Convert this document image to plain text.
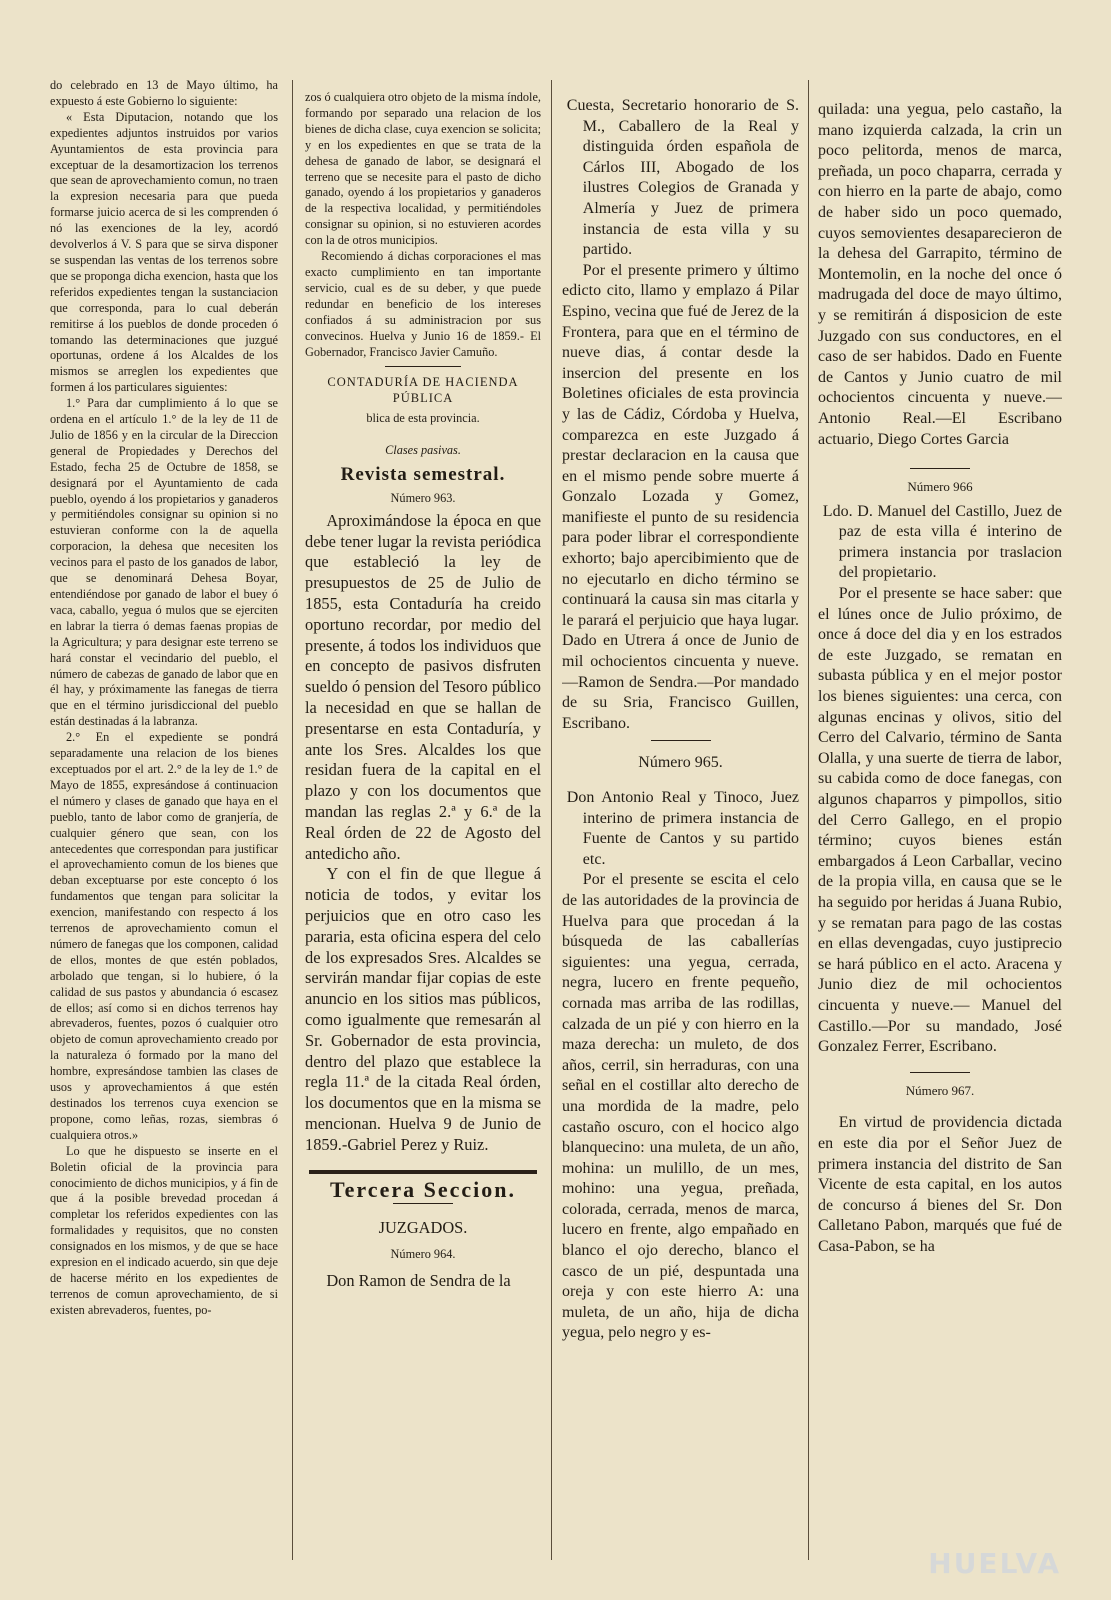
do celebrado en 13 de Mayo último, ha expuesto á este Gobierno lo siguiente:

« Esta Diputacion, notando que los expedientes adjuntos instruidos por varios Ayuntamientos de esta provincia para exceptuar de la desamortizacion los terrenos que sean de aprovechamiento comun, no traen la expresion necesaria para que pueda formarse juicio acerca de si les comprenden ó nó las exenciones de la ley, acordó devolverlos á V. S para que se sirva disponer se suspendan las ventas de los terrenos sobre que se proponga dicha exencion, hasta que los referidos expedientes tengan la sustanciacion que corresponda, para lo cual deberán remitirse á los pueblos de donde proceden ó tomando las determinaciones que juzgué oportunas, ordene á los Alcaldes de los mismos se arreglen los expedientes que formen á los particulares siguientes:

1.° Para dar cumplimiento á lo que se ordena en el artículo 1.° de la ley de 11 de Julio de 1856 y en la circular de la Direccion general de Propiedades y Derechos del Estado, fecha 25 de Octubre de 1858, se designará por el Ayuntamiento de cada pueblo, oyendo á los propietarios y ganaderos y permitiéndoles consignar su opinion si no estuvieran conforme con la de aquella corporacion, la dehesa que necesiten los vecinos para el pasto de los ganados de labor, que se denominará Dehesa Boyar, entendiéndose por ganado de labor el buey ó vaca, caballo, yegua ó mulos que se ejerciten en labrar la tierra ó demas faenas propias de la Agricultura; y para designar este terreno se hará constar el vecindario del pueblo, el número de cabezas de ganado de labor que en él hay, y próximamente las fanegas de tierra que en el término jurisdiccional del pueblo están destinadas á la labranza.

2.° En el expediente se pondrá separadamente una relacion de los bienes exceptuados por el art. 2.° de la ley de 1.° de Mayo de 1855, expresándose á continuacion el número y clases de ganado que haya en el pueblo, tanto de labor como de granjería, de cualquier género que sean, con los antecedentes que correspondan para justificar el aprovechamiento comun de los bienes que deban exceptuarse por este concepto ó los fundamentos que tengan para solicitar la exencion, manifestando con respecto á los terrenos de aprovechamiento comun el número de fanegas que los componen, calidad de ellos, montes de que estén poblados, arbolado que tengan, si lo hubiere, ó la calidad de sus pastos y abundancia ó escasez de ellos; así como si en dichos terrenos hay abrevaderos, fuentes, pozos ó cualquier otro objeto de comun aprovechamiento creado por la naturaleza ó formado por la mano del hombre, expresándose tambien las clases de usos y aprovechamientos á que estén destinados los terrenos cuya exencion se propone, como leñas, rozas, siembras ó cualquiera otros.»

Lo que he dispuesto se inserte en el Boletin oficial de la provincia para conocimiento de dichos municipios, y á fin de que á la posible brevedad procedan á completar los referidos expedientes con las formalidades y requisitos, que no consten consignados en los mismos, y de que se hace expresion en el indicado acuerdo, sin que deje de hacerse mérito en los expedientes de terrenos de comun aprovechamiento, de si existen abrevaderos, fuentes, po-

zos ó cualquiera otro objeto de la misma índole, formando por separado una relacion de los bienes de dicha clase, cuya exencion se solicita; y en los expedientes en que se trata de la dehesa de ganado de labor, se designará el terreno que se necesite para el pasto de dicho ganado, oyendo á los propietarios y ganaderos de la respectiva localidad, y permitiéndoles consignar su opinion, si no estuvieren acordes con la de otros municipios.

Recomiendo á dichas corporaciones el mas exacto cumplimiento en tan importante servicio, cual es de su deber, y que puede redundar en beneficio de los intereses confiados á su administracion por sus convecinos. Huelva y Junio 16 de 1859.- El Gobernador, Francisco Javier Camuño.

CONTADURÍA DE HACIENDA PÚBLICA
blica de esta provincia.
Clases pasivas.
Revista semestral.
Número 963.

Aproximándose la época en que debe tener lugar la revista periódica que estableció la ley de presupuestos de 25 de Julio de 1855, esta Contaduría ha creido oportuno recordar, por medio del presente, á todos los individuos que en concepto de pasivos disfruten sueldo ó pension del Tesoro público la necesidad en que se hallan de presentarse en esta Contaduría, y ante los Sres. Alcaldes los que residan fuera de la capital en el plazo y con los documentos que mandan las reglas 2.ª y 6.ª de la Real órden de 22 de Agosto del antedicho año.

Y con el fin de que llegue á noticia de todos, y evitar los perjuicios que en otro caso les pararia, esta oficina espera del celo de los expresados Sres. Alcaldes se servirán mandar fijar copias de este anuncio en los sitios mas públicos, como igualmente que remesarán al Sr. Gobernador de esta provincia, dentro del plazo que establece la regla 11.ª de la citada Real órden, los documentos que en la misma se mencionan. Huelva 9 de Junio de 1859.-Gabriel Perez y Ruiz.

Tercera Seccion.
JUZGADOS.
Número 964.

Don Ramon de Sendra de la

Cuesta, Secretario honorario de S. M., Caballero de la Real y distinguida órden española de Cárlos III, Abogado de los ilustres Colegios de Granada y Almería y Juez de primera instancia de esta villa y su partido.

Por el presente primero y último edicto cito, llamo y emplazo á Pilar Espino, vecina que fué de Jerez de la Frontera, para que en el término de nueve dias, á contar desde la insercion del presente en los Boletines oficiales de esta provincia y las de Cádiz, Córdoba y Huelva, comparezca en este Juzgado á prestar declaracion en la causa que en el mismo pende sobre muerte á Gonzalo Lozada y Gomez, manifieste el punto de su residencia para poder librar el correspondiente exhorto; bajo apercibimiento que de no ejecutarlo en dicho término se continuará la causa sin mas citarla y le parará el perjuicio que haya lugar. Dado en Utrera á once de Junio de mil ochocientos cincuenta y nueve.—Ramon de Sendra.—Por mandado de su Sria, Francisco Guillen, Escribano.

Número 965.

Don Antonio Real y Tinoco, Juez interino de primera instancia de Fuente de Cantos y su partido etc.

Por el presente se escita el celo de las autoridades de la provincia de Huelva para que procedan á la búsqueda de las caballerías siguientes: una yegua, cerrada, negra, lucero en frente pequeño, cornada mas arriba de las rodillas, calzada de un pié y con hierro en la maza derecha: un muleto, de dos años, cerril, sin herraduras, con una señal en el costillar alto derecho de una mordida de la madre, pelo castaño oscuro, con el hocico algo blanquecino: una muleta, de un año, mohina: un mulillo, de un mes, mohino: una yegua, preñada, colorada, cerrada, menos de marca, lucero en frente, algo empañado en blanco el ojo derecho, blanco el casco de un pié, despuntada una oreja y con este hierro A: una muleta, de un año, hija de dicha yegua, pelo negro y es-

quilada: una yegua, pelo castaño, la mano izquierda calzada, la crin un poco pelitorda, menos de marca, preñada, un poco chaparra, cerrada y con hierro en la parte de abajo, como de haber sido un poco quemado, cuyos semovientes desaparecieron de la dehesa del Garrapito, término de Montemolin, en la noche del once ó madrugada del doce de mayo último, y se remitirán á disposicion de este Juzgado con sus conductores, en el caso de ser habidos. Dado en Fuente de Cantos y Junio cuatro de mil ochocientos cincuenta y nueve.— Antonio Real.—El Escribano actuario, Diego Cortes Garcia

Número 966

Ldo. D. Manuel del Castillo, Juez de paz de esta villa é interino de primera instancia por traslacion del propietario.

Por el presente se hace saber: que el lúnes once de Julio próximo, de once á doce del dia y en los estrados de este Juzgado, se rematan en subasta pública y en el mejor postor los bienes siguientes: una cerca, con algunas encinas y olivos, sitio del Cerro del Calvario, término de Santa Olalla, y una suerte de tierra de labor, su cabida como de doce fanegas, con algunos chaparros y pimpollos, sitio del Cerro Gallego, en el propio término; cuyos bienes están embargados á Leon Carballar, vecino de la propia villa, en causa que se le ha seguido por heridas á Juana Rubio, y se rematan para pago de las costas en ellas devengadas, cuyo justiprecio se hará público en el acto. Aracena y Junio diez de mil ochocientos cincuenta y nueve.— Manuel del Castillo.—Por su mandado, José Gonzalez Ferrer, Escribano.

Número 967.

En virtud de providencia dictada en este dia por el Señor Juez de primera instancia del distrito de San Vicente de esta capital, en los autos de concurso á bienes del Sr. Don Calletano Pabon, marqués que fué de Casa-Pabon, se ha

HUELVA
